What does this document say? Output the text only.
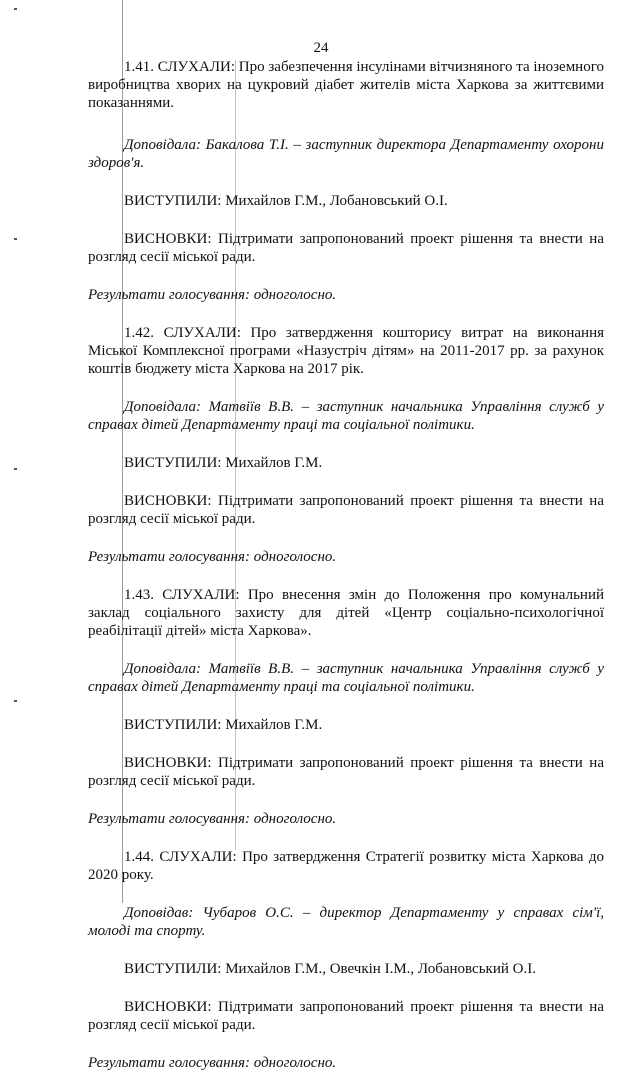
24

1.41. СЛУХАЛИ: Про забезпечення інсулінами вітчизняного та іноземного виробництва хворих на цукровий діабет жителів міста Харкова за життєвими показаннями.

Доповідала: Бакалова Т.І. – заступник директора Департаменту охорони здоров'я.

ВИСТУПИЛИ: Михайлов Г.М., Лобановський О.І.

ВИСНОВКИ: Підтримати запропонований проект рішення та внести на розгляд сесії міської ради.

Результати голосування: одноголосно.

1.42. СЛУХАЛИ: Про затвердження кошторису витрат на виконання Міської Комплексної програми «Назустріч дітям» на 2011-2017 рр. за рахунок коштів бюджету міста Харкова на 2017 рік.

Доповідала: Матвіїв В.В. – заступник начальника Управління служб у справах дітей Департаменту праці та соціальної політики.

ВИСТУПИЛИ: Михайлов Г.М.

ВИСНОВКИ: Підтримати запропонований проект рішення та внести на розгляд сесії міської ради.

Результати голосування: одноголосно.

1.43. СЛУХАЛИ: Про внесення змін до Положення про комунальний заклад соціального захисту для дітей «Центр соціально-психологічної реабілітації дітей» міста Харкова».

Доповідала: Матвіїв В.В. – заступник начальника Управління служб у справах дітей Департаменту праці та соціальної політики.

ВИСТУПИЛИ: Михайлов Г.М.

ВИСНОВКИ: Підтримати запропонований проект рішення та внести на розгляд сесії міської ради.

Результати голосування: одноголосно.

1.44. СЛУХАЛИ: Про затвердження Стратегії розвитку міста Харкова до 2020 року.

Доповідав: Чубаров О.С. – директор Департаменту у справах сім'ї, молоді та спорту.

ВИСТУПИЛИ: Михайлов Г.М., Овечкін І.М., Лобановський О.І.

ВИСНОВКИ: Підтримати запропонований проект рішення та внести на розгляд сесії міської ради.

Результати голосування: одноголосно.
